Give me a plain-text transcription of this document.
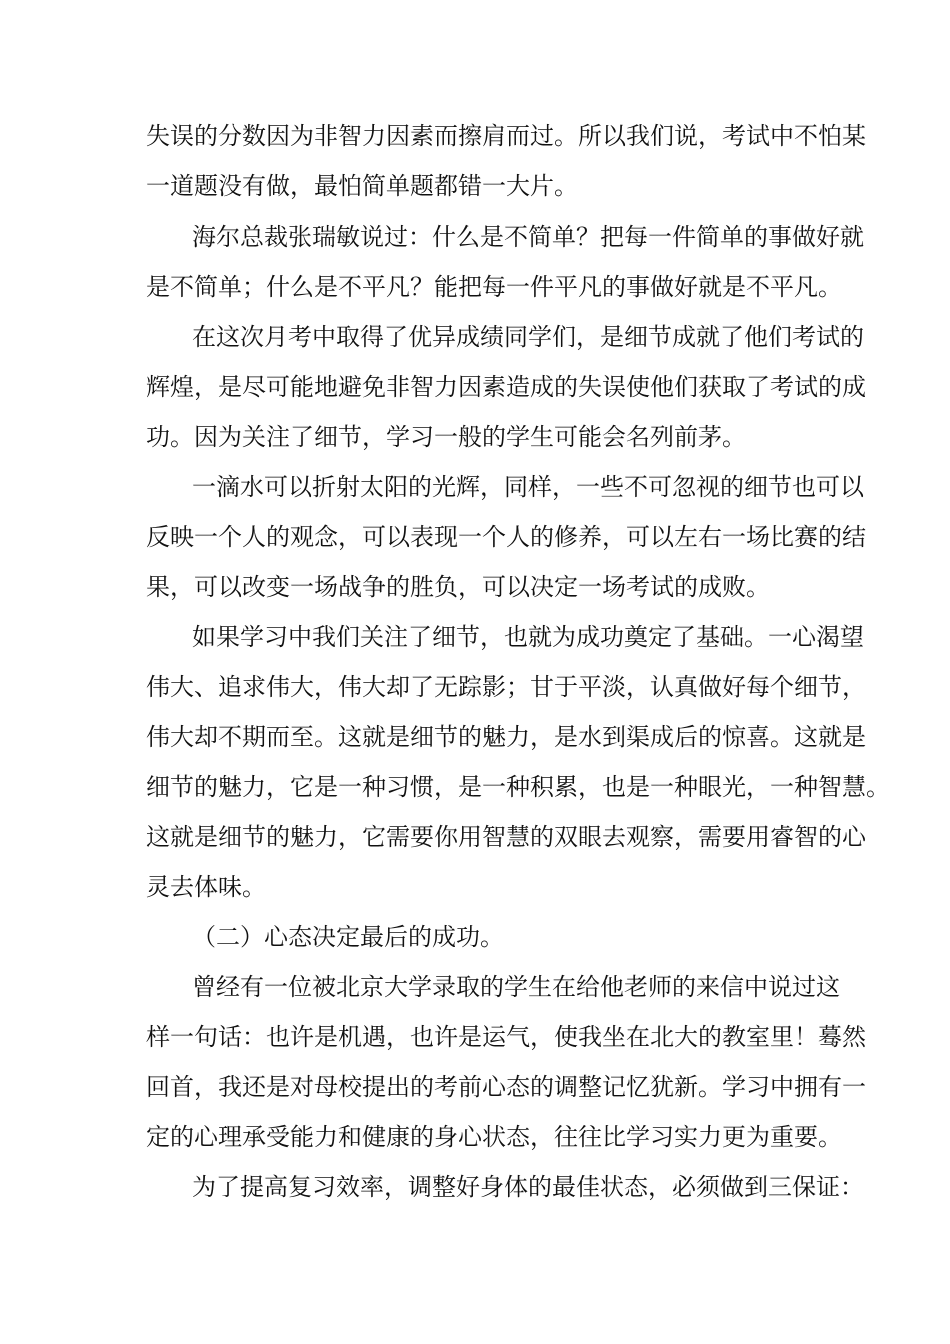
失误的分数因为非智力因素而擦肩而过。所以我们说，考试中不怕某
一道题没有做，最怕简单题都错一大片。
海尔总裁张瑞敏说过：什么是不简单？把每一件简单的事做好就
是不简单；什么是不平凡？能把每一件平凡的事做好就是不平凡。
在这次月考中取得了优异成绩同学们，是细节成就了他们考试的
辉煌，是尽可能地避免非智力因素造成的失误使他们获取了考试的成
功。因为关注了细节，学习一般的学生可能会名列前茅。
一滴水可以折射太阳的光辉，同样，一些不可忽视的细节也可以
反映一个人的观念，可以表现一个人的修养，可以左右一场比赛的结
果，可以改变一场战争的胜负，可以决定一场考试的成败。
如果学习中我们关注了细节，也就为成功奠定了基础。一心渴望
伟大、追求伟大，伟大却了无踪影；甘于平淡，认真做好每个细节，
伟大却不期而至。这就是细节的魅力，是水到渠成后的惊喜。这就是
细节的魅力，它是一种习惯，是一种积累，也是一种眼光，一种智慧。
这就是细节的魅力，它需要你用智慧的双眼去观察，需要用睿智的心
灵去体味。
（二）心态决定最后的成功。
曾经有一位被北京大学录取的学生在给他老师的来信中说过这
样一句话：也许是机遇，也许是运气，使我坐在北大的教室里！蓦然
回首，我还是对母校提出的考前心态的调整记忆犹新。学习中拥有一
定的心理承受能力和健康的身心状态，往往比学习实力更为重要。
为了提高复习效率，调整好身体的最佳状态，必须做到三保证：
